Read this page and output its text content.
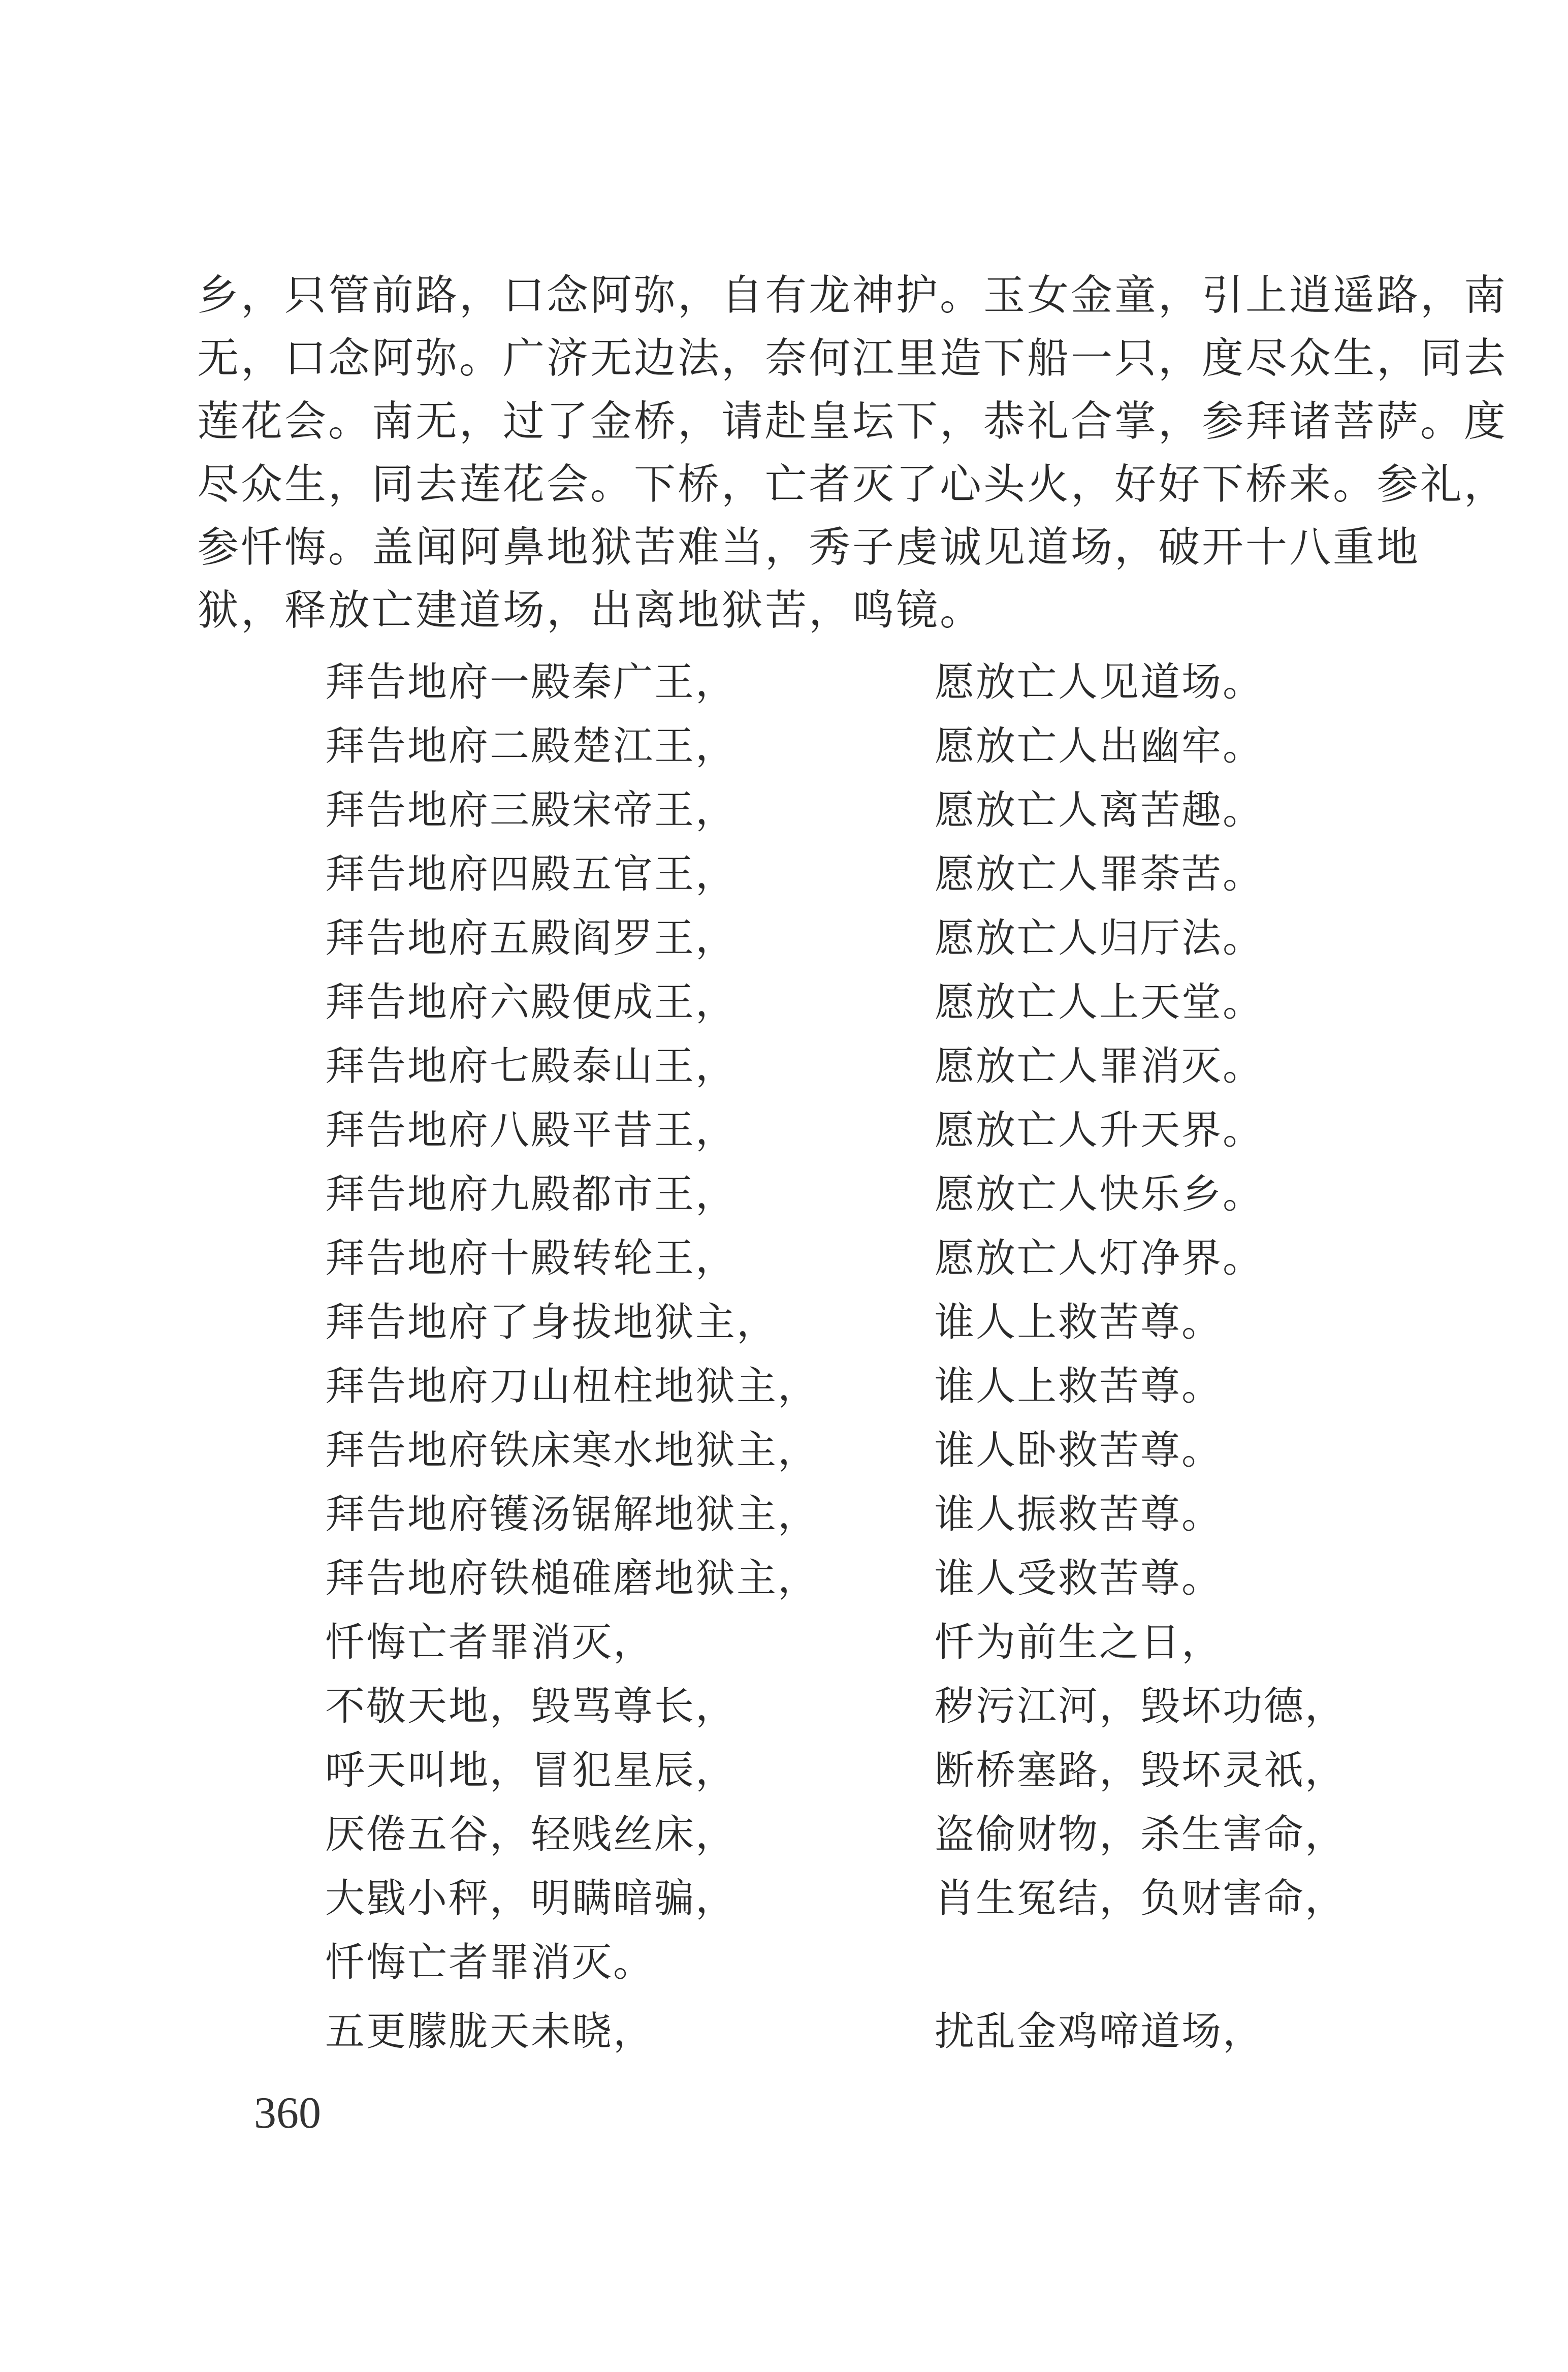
乡，只管前路，口念阿弥，自有龙神护。玉女金童，引上逍遥路，南
无，口念阿弥。广济无边法，奈何江里造下船一只，度尽众生，同去
莲花会。南无，过了金桥，请赴皇坛下，恭礼合掌，参拜诸菩萨。度
尽众生，同去莲花会。下桥，亡者灭了心头火，好好下桥来。参礼，
参忏悔。盖闻阿鼻地狱苦难当，秀子虔诚见道场，破开十八重地
狱，释放亡建道场，出离地狱苦，鸣镜。
拜告地府一殿秦广王，	愿放亡人见道场。
拜告地府二殿楚江王，	愿放亡人出幽牢。
拜告地府三殿宋帝王，	愿放亡人离苦趣。
拜告地府四殿五官王，	愿放亡人罪荼苦。
拜告地府五殿阎罗王，	愿放亡人归厅法。
拜告地府六殿便成王，	愿放亡人上天堂。
拜告地府七殿泰山王，	愿放亡人罪消灭。
拜告地府八殿平昔王，	愿放亡人升天界。
拜告地府九殿都市王，	愿放亡人快乐乡。
拜告地府十殿转轮王，	愿放亡人灯净界。
拜告地府了身拔地狱主，	谁人上救苦尊。
拜告地府刀山杻柱地狱主，	谁人上救苦尊。
拜告地府铁床寒水地狱主，	谁人卧救苦尊。
拜告地府镬汤锯解地狱主，	谁人振救苦尊。
拜告地府铁槌碓磨地狱主，	谁人受救苦尊。
忏悔亡者罪消灭，	忏为前生之日，
不敬天地，毁骂尊长，	秽污江河，毁坏功德，
呼天叫地，冒犯星辰，	断桥塞路，毁坏灵祇，
厌倦五谷，轻贱丝床，	盗偷财物，杀生害命，
大戥小秤，明瞒暗骗，	肖生冤结，负财害命，
忏悔亡者罪消灭。
五更朦胧天未晓，	扰乱金鸡啼道场，
360
